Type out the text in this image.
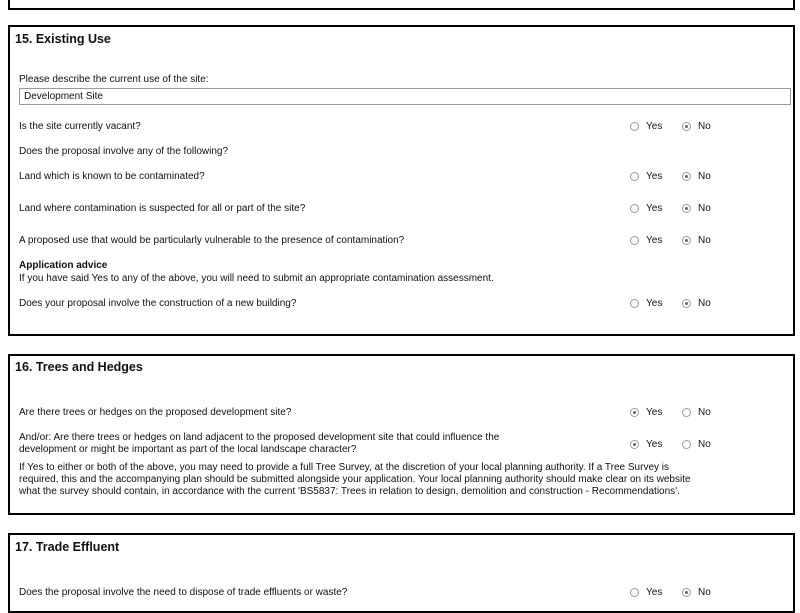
15. Existing Use
Please describe the current use of the site:
Development Site
Is the site currently vacant?	Yes	No
Does the proposal involve any of the following?
Land which is known to be contaminated?	Yes	No
Land where contamination is suspected for all or part of the site?	Yes	No
A proposed use that would be particularly vulnerable to the presence of contamination?	Yes	No
Application advice
If you have said Yes to any of the above, you will need to submit an appropriate contamination assessment.
Does your proposal involve the construction of a new building?	Yes	No
16. Trees and Hedges
Are there trees or hedges on the proposed development site?	Yes	No
And/or: Are there trees or hedges on land adjacent to the proposed development site that could influence the
development or might be important as part of the local landscape character?	Yes	No
If Yes to either or both of the above, you may need to provide a full Tree Survey, at the discretion of your local planning authority. If a Tree Survey is
required, this and the accompanying plan should be submitted alongside your application. Your local planning authority should make clear on its website
what the survey should contain, in accordance with the current 'BS5837: Trees in relation to design, demolition and construction - Recommendations'.
17. Trade Effluent
Does the proposal involve the need to dispose of trade effluents or waste?	Yes	No
